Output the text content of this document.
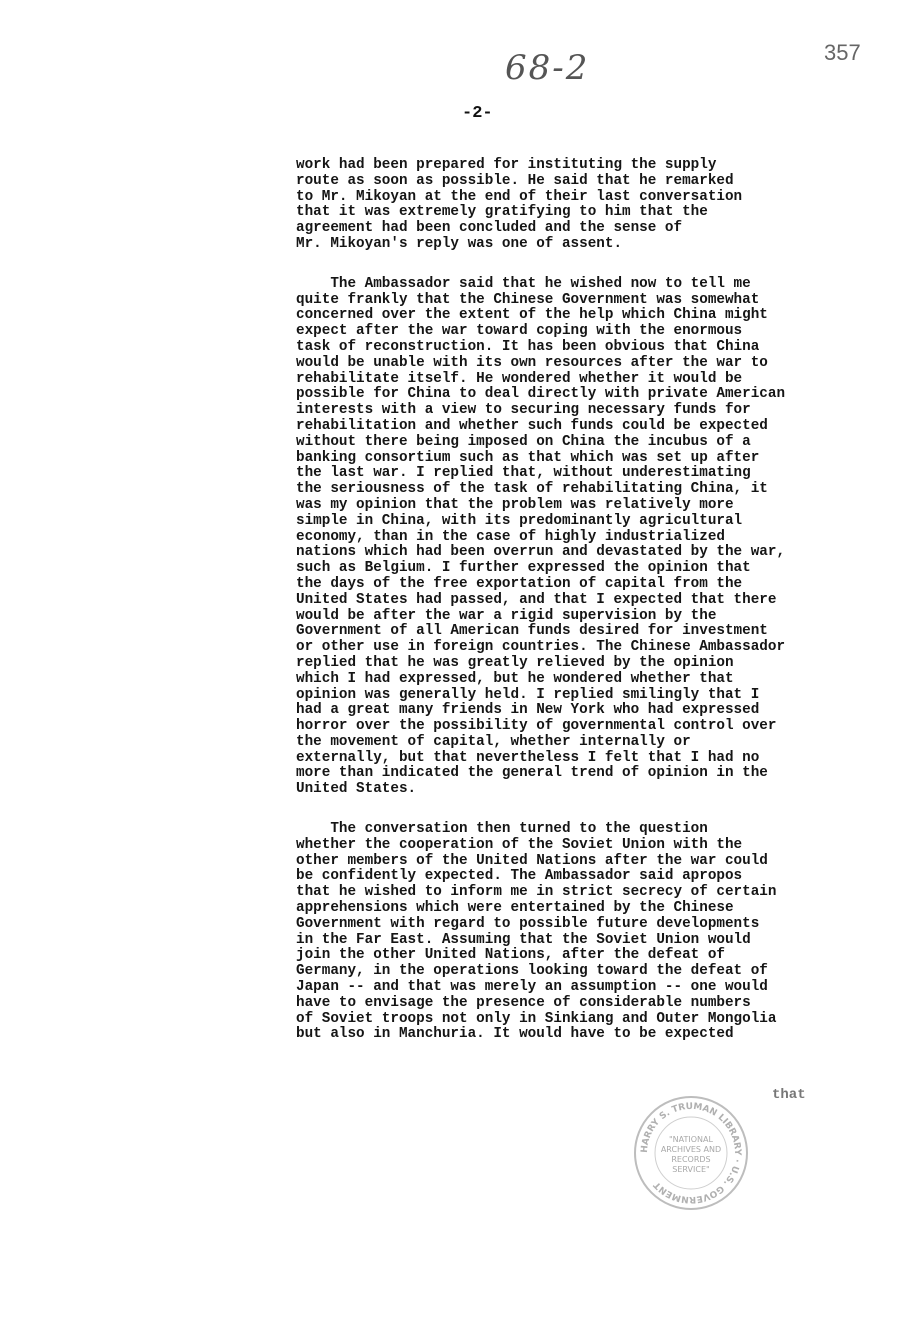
68-2	357
-2-
work had been prepared for instituting the supply
route as soon as possible. He said that he remarked
to Mr. Mikoyan at the end of their last conversation
that it was extremely gratifying to him that the
agreement had been concluded and the sense of
Mr. Mikoyan's reply was one of assent.
The Ambassador said that he wished now to tell me
quite frankly that the Chinese Government was somewhat
concerned over the extent of the help which China might
expect after the war toward coping with the enormous
task of reconstruction. It has been obvious that China
would be unable with its own resources after the war to
rehabilitate itself. He wondered whether it would be
possible for China to deal directly with private American
interests with a view to securing necessary funds for
rehabilitation and whether such funds could be expected
without there being imposed on China the incubus of a
banking consortium such as that which was set up after
the last war. I replied that, without underestimating
the seriousness of the task of rehabilitating China, it
was my opinion that the problem was relatively more
simple in China, with its predominantly agricultural
economy, than in the case of highly industrialized
nations which had been overrun and devastated by the war,
such as Belgium. I further expressed the opinion that
the days of the free exportation of capital from the
United States had passed, and that I expected that there
would be after the war a rigid supervision by the
Government of all American funds desired for investment
or other use in foreign countries. The Chinese Ambassador
replied that he was greatly relieved by the opinion
which I had expressed, but he wondered whether that
opinion was generally held. I replied smilingly that I
had a great many friends in New York who had expressed
horror over the possibility of governmental control over
the movement of capital, whether internally or
externally, but that nevertheless I felt that I had no
more than indicated the general trend of opinion in the
United States.
The conversation then turned to the question
whether the cooperation of the Soviet Union with the
other members of the United Nations after the war could
be confidently expected. The Ambassador said apropos
that he wished to inform me in strict secrecy of certain
apprehensions which were entertained by the Chinese
Government with regard to possible future developments
in the Far East. Assuming that the Soviet Union would
join the other United Nations, after the defeat of
Germany, in the operations looking toward the defeat of
Japan -- and that was merely an assumption -- one would
have to envisage the presence of considerable numbers
of Soviet troops not only in Sinkiang and Outer Mongolia
but also in Manchuria. It would have to be expected
that
HARRY S. TRUMAN LIBRARY · U.S. GOVERNMENT
"NATIONAL
ARCHIVES AND
RECORDS
SERVICE"
